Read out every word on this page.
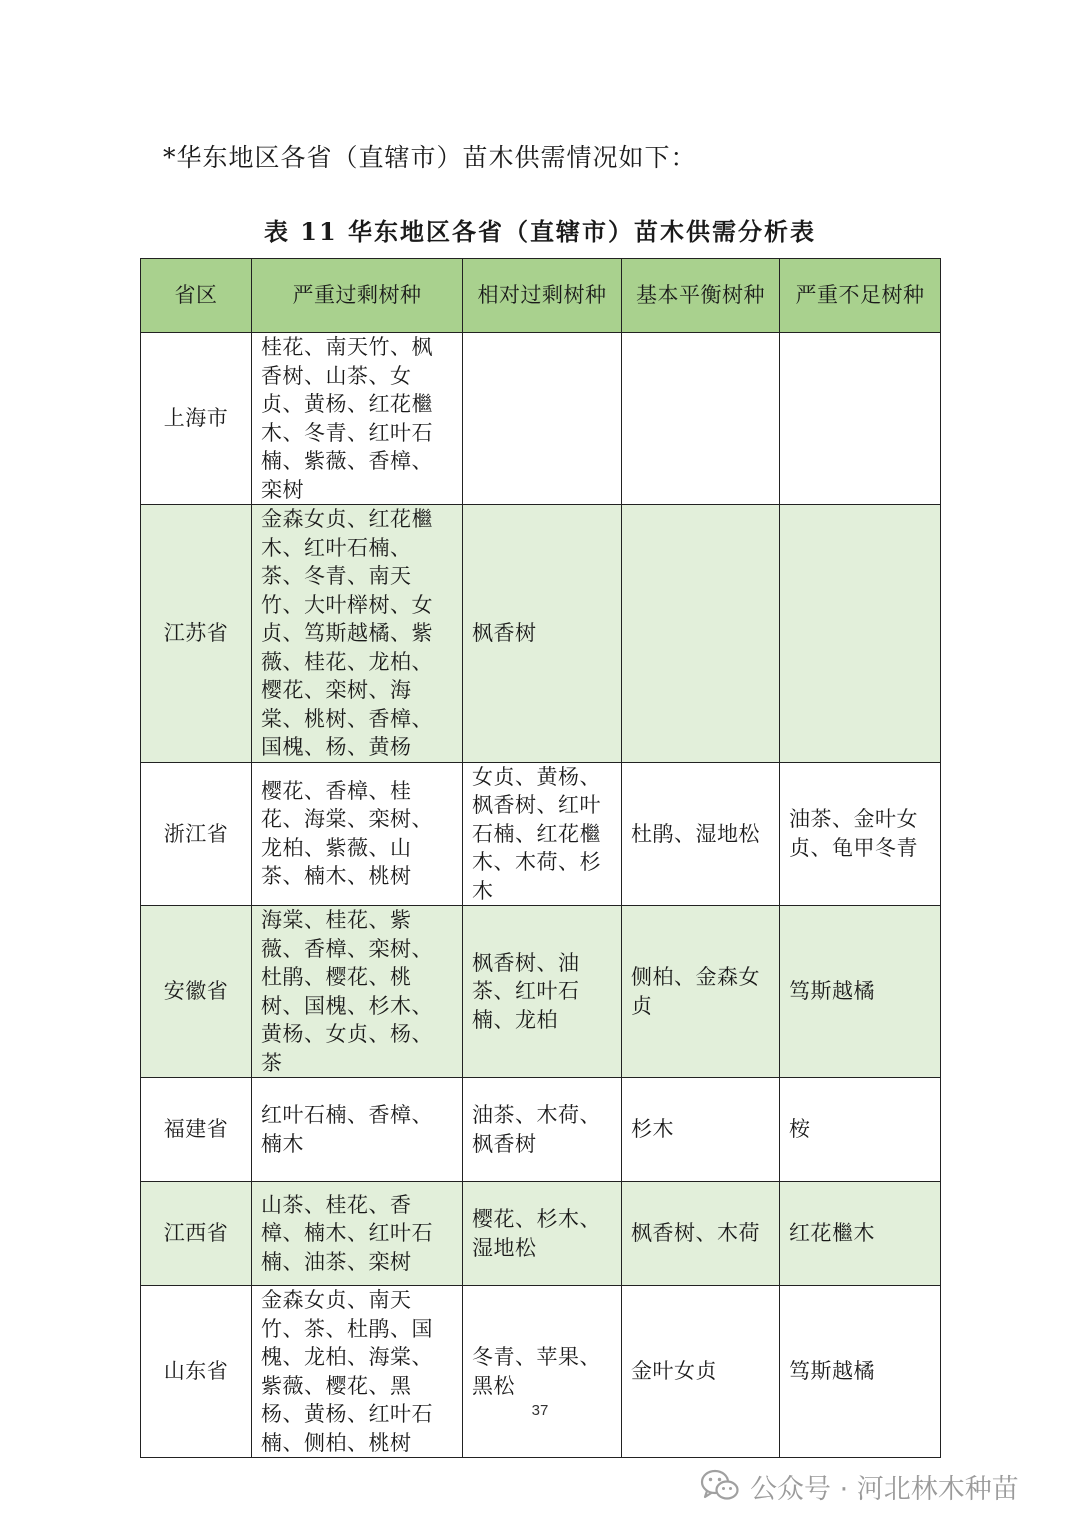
*华东地区各省（直辖市）苗木供需情况如下：
表 11 华东地区各省（直辖市）苗木供需分析表
省区	严重过剩树种	相对过剩树种	基本平衡树种	严重不足树种
上海市	桂花、南天竹、枫香树、山茶、女贞、黄杨、红花檵木、冬青、红叶石楠、紫薇、香樟、栾树			
江苏省	金森女贞、红花檵木、红叶石楠、茶、冬青、南天竹、大叶榉树、女贞、笃斯越橘、紫薇、桂花、龙柏、樱花、栾树、海棠、桃树、香樟、国槐、杨、黄杨	枫香树		
浙江省	樱花、香樟、桂花、海棠、栾树、龙柏、紫薇、山茶、楠木、桃树	女贞、黄杨、枫香树、红叶石楠、红花檵木、木荷、杉木	杜鹃、湿地松	油茶、金叶女贞、龟甲冬青
安徽省	海棠、桂花、紫薇、香樟、栾树、杜鹃、樱花、桃树、国槐、杉木、黄杨、女贞、杨、茶	枫香树、油茶、红叶石楠、龙柏	侧柏、金森女贞	笃斯越橘
福建省	红叶石楠、香樟、楠木	油茶、木荷、枫香树	杉木	桉
江西省	山茶、桂花、香樟、楠木、红叶石楠、油茶、栾树	樱花、杉木、湿地松	枫香树、木荷	红花檵木
山东省	金森女贞、南天竹、茶、杜鹃、国槐、龙柏、海棠、紫薇、樱花、黑杨、黄杨、红叶石楠、侧柏、桃树	冬青、苹果、黑松	金叶女贞	笃斯越橘
37
公众号 · 河北林木种苗
